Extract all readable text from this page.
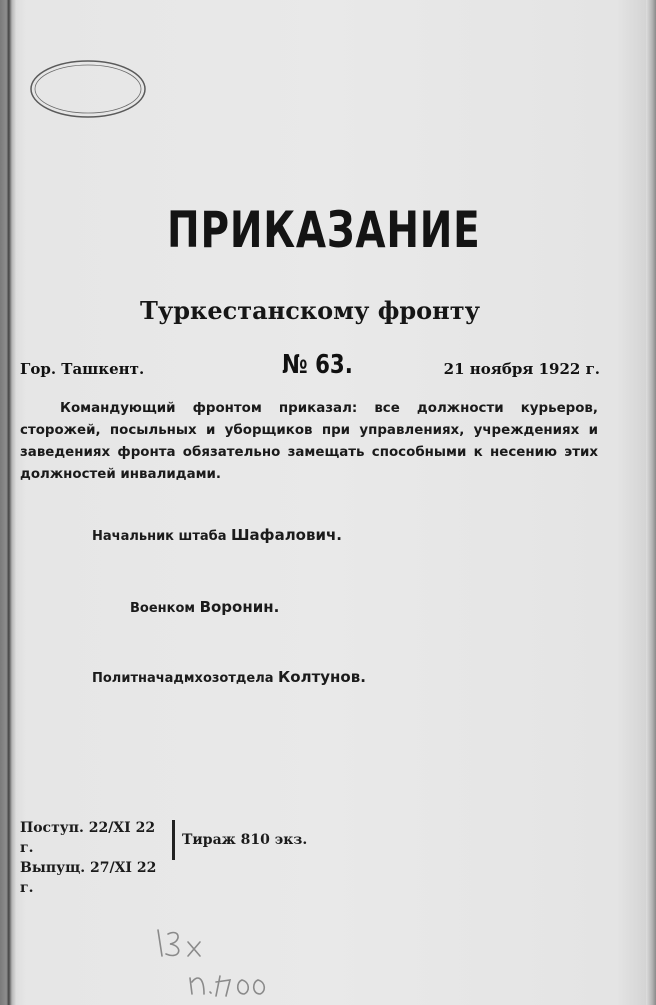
ПРИКАЗАНИЕ
Туркестанскому фронту
Гор. Ташкент.	№ 63.	21 ноября 1922 г.
Командующий фронтом приказал: все должности курьеров, сторожей, посыльных и уборщиков при управлениях, учреждениях и заведениях фронта обязательно замещать способными к несению этих должностей инвалидами.
Начальник штаба Шафалович.
Военком Воронин.
Политначадмхозотдела Колтунов.
Поступ. 22/XI 22 г.
Выпущ. 27/XI 22 г.
Тираж 810 экз.
